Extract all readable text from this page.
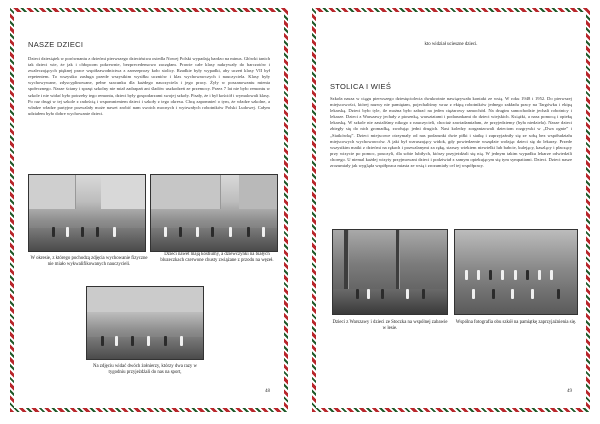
NASZE DZIECI
Dzieci dziesiątek w porównaniu z dziećmi pierwszego dzieciństwa osiedla Nowej Polski wypadają bardzo na minus. Główki tanich tak dzieci wie, że jak i chłopcom pokrewnie, bezprecedensowo zaczęłam. Prawie całe klasy nakrywały do barczotów i zwaleczających pięknej prace współzawodnictwa z zarezeprozy koło stolicy. Rzadkie były wypadki, aby uczeń klasy VII był repetentem. To wszystko zasługa przede wszystkim wysiłku uczniów i klas wychowawczych i nauczyciela. Klasy były wychowywane, zdyscyplinowane, pełne szacunku dla każdego nauczyciela i jego pracy. Żyły w poszanowaniu mienia społecznego. Nasze ściany i sprzęt szkolny nie miał zadrapań ani śladów uszkodzeń ze przemocy. Przez 7 lat nie było remontu w szkole i nie widać było potrzeby tego remontu, dzieci były gospodarzami swojej szkoły. Pisały, że i był kościół i wymalowali klasy. Po raz drugi w tej szkole z radością i wspomnieniem dzieci i szkoły z tego okresu. Chcę zapomnieć o tym, że władze szkolne, a władze władze partyjne pozwalały może nawet zrobić nam swoich mocnych i wytrwałych robotników Polski Ludowej. Całym udziałem było dobre wychowanie dzieci.
W okresie, z którego pochodzą zdjęcia wychowanie fizyczne nie miało wykwalifikowanych nauczycieli.
Dzieci nawet mają kostiumy, a dziewczynki na białych bluzeczkach czerwone chusty zwiążane z przodu na węzeł.
Na zdjęciu widać dwóch żołnierzy, którzy dwa razy w tygodniu przyjeżdżali do nas na sport,
48
kto widział ucieszne dzieci.
STOLICA I WIEŚ
Szkoła nasza w ciągu pierwszego dziesięciolecia dwukrotnie nawiązywała kontakt ze wsią. W roku 1948 i 1952. Do pierwszej miejscowości, której nazwy nie pamiętam, pojechaliśmy wraz z ekipą robotników jednego zakładu pracy na Targówku i ekipą lekarską. Dzieci było tyle, ile można było zabrać na jeden ciężarowy samochód. Na drugim samochodzie jechali robotnicy i lekarze. Dzieci z Warszawy jechały z piosenką, warsztatami i podarunkami do dzieci wiejskich. Książki, a nasz pomocą i opiekę lekarską. W szkole nie zastaliśmy nikogo z nauczycieli, chociaż zawiadamiałam, że przyjedziemy (była niedziela). Nasze dzieci zbiegły się do nich gromadką, zwołując jedni drugich. Nasi koledzy zorganizowali dzieciom rozgrywki w „Dwa ognie” i „Siatkówkę”. Dzieci miejscowe otrzymały od nas podarunki dwie piłki i siatkę i zaprzyjaźniły się ze sobą bez współudziału miejscowych wychowawców. A jaki był wzruszający widok, gdy powiedzenie wszędzie wołając dzieci się do lekarzy. Przede wszystkim matki z dziećmi na rękach i pozwalanymi za rękę, starszy wiekiem niewielki lub babcie, kulejący, kaszlący i płaczący przy wizycie po pomoc, pouczyli, dla sobie lubiłych, którzy przyjeżdżali się nią. W jednym takim wypadku lekarze odwiedzili chorego. U niemal każdej wizyty przyjmowani dzieci i podziwiał z samym opiekującym się tym sympatiami. Dzieci. Dzieci nasze zrozumiały jak wygląda współpraca miasta ze wsią i zrozumiały cel tej współpracy.
Dzieci z Warszawy i dzieci ze Stoczka na wspólnej zabawie w lesie.
Wspólna fotografia obu szkół na pamiątkę zaprzyjaźnienia się.
49
